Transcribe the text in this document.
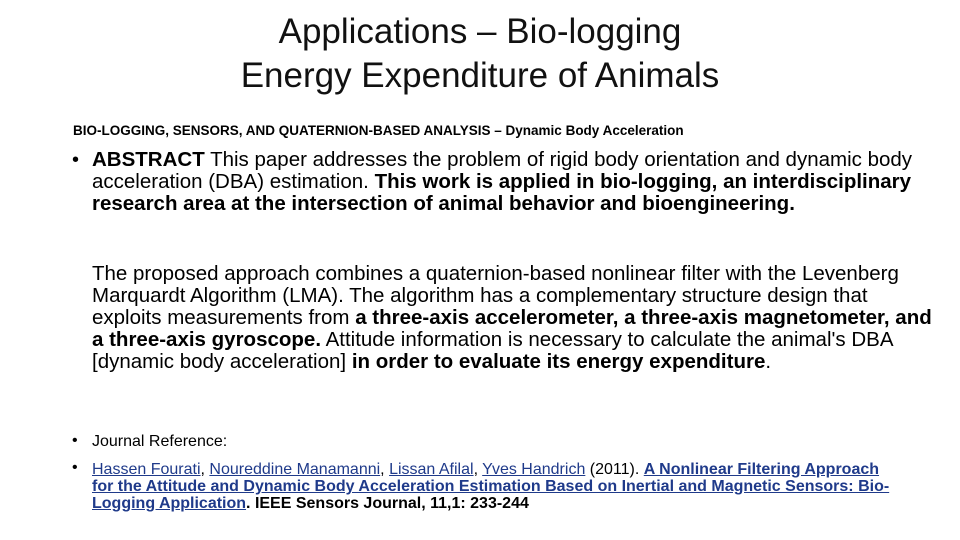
Applications – Bio-logging
Energy Expenditure of Animals
BIO-LOGGING, SENSORS, AND QUATERNION-BASED ANALYSIS – Dynamic Body Acceleration
• ABSTRACT This paper addresses the problem of rigid body orientation and dynamic body acceleration (DBA) estimation. This work is applied in bio-logging, an interdisciplinary research area at the intersection of animal behavior and bioengineering.
The proposed approach combines a quaternion-based nonlinear filter with the Levenberg Marquardt Algorithm (LMA). The algorithm has a complementary structure design that exploits measurements from a three-axis accelerometer, a three-axis magnetometer, and a three-axis gyroscope. Attitude information is necessary to calculate the animal's DBA [dynamic body acceleration] in order to evaluate its energy expenditure.
• Journal Reference:
• Hassen Fourati, Noureddine Manamanni, Lissan Afilal, Yves Handrich (2011). A Nonlinear Filtering Approach for the Attitude and Dynamic Body Acceleration Estimation Based on Inertial and Magnetic Sensors: Bio-Logging Application. IEEE Sensors Journal, 11,1: 233-244
